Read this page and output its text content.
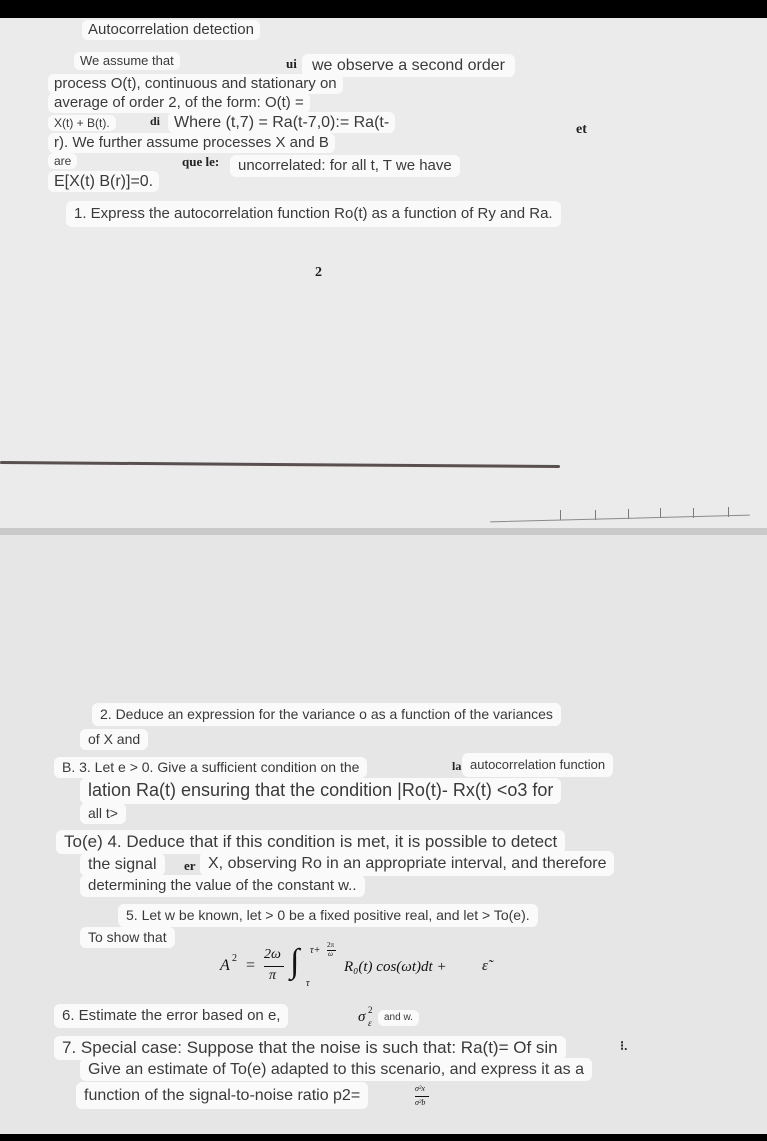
Autocorrelation detection
We assume that	ui we observe a second order
process O(t), continuous and stationary on
average of order 2, of the form: O(t) =
X(t) + B(t).	di Where (t,7) = Ra(t-7,0):= Ra(t-
r). We further assume processes X and B
et
are	que le:	uncorrelated: for all t, T we have
E[X(t) B(r)]=0.
1. Express the autocorrelation function Ro(t) as a function of Ry and Ra.
2
2. Deduce an expression for the variance o as a function of the variances
of X and
B. 3. Let e > 0. Give a sufficient condition on the	la autocorrelation function
lation Ra(t) ensuring that the condition |Ro(t)- Rx(t) <o3 for
all t>
To(e) 4. Deduce that if this condition is met, it is possible to detect
the signal	er X, observing Ro in an appropriate interval, and therefore
determining the value of the constant w..
5. Let w be known, let > 0 be a fixed positive real, and let > To(e).
To show that
A 2 =
2ω
π ∫
τ
τ+ 2π
ω
R₀(t) cos(ωt)dt + ε̃
6. Estimate the error based on e,	σ 2
ε	and w.
7. Special case: Suppose that the noise is such that: Ra(t)= Of sin	⁝.
Give an estimate of To(e) adapted to this scenario, and express it as a
function of the signal-to-noise ratio p2=	σ²x
σ²b
